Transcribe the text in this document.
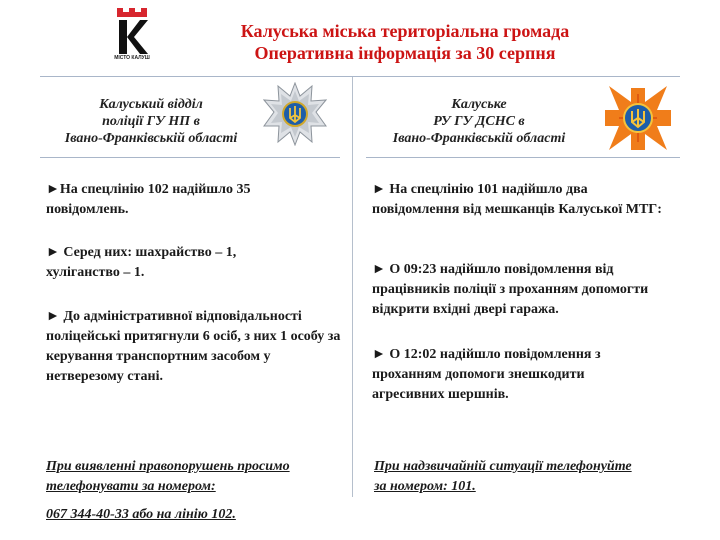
МІСТО КАЛУШ
Калуська міська територіальна громада
Оперативна інформація за 30 серпня
Калуський відділ
поліції ГУ НП в
Івано-Франківській області
Калуське
РУ ГУ ДСНС в
Івано-Франківській області
►На спецлінію 102 надійшло 35 повідомлень.
► Серед них: шахрайство – 1, хуліганство – 1.
► До адміністративної відповідальності поліцейські притягнули 6 осіб, з них 1 особу за керування транспортним засобом у нетверезому стані.
При виявленні правопорушень просимо
телефонувати за номером:
067 344-40-33 або на лінію 102.
► На спецлінію 101 надійшло два повідомлення від мешканців Калуської МТГ:
► О 09:23 надійшло повідомлення від працівників поліції з проханням допомогти відкрити вхідні двері гаража.
► О 12:02 надійшло повідомлення з проханням допомоги знешкодити агресивних шершнів.
При надзвичайній ситуації телефонуйте
за номером: 101.
